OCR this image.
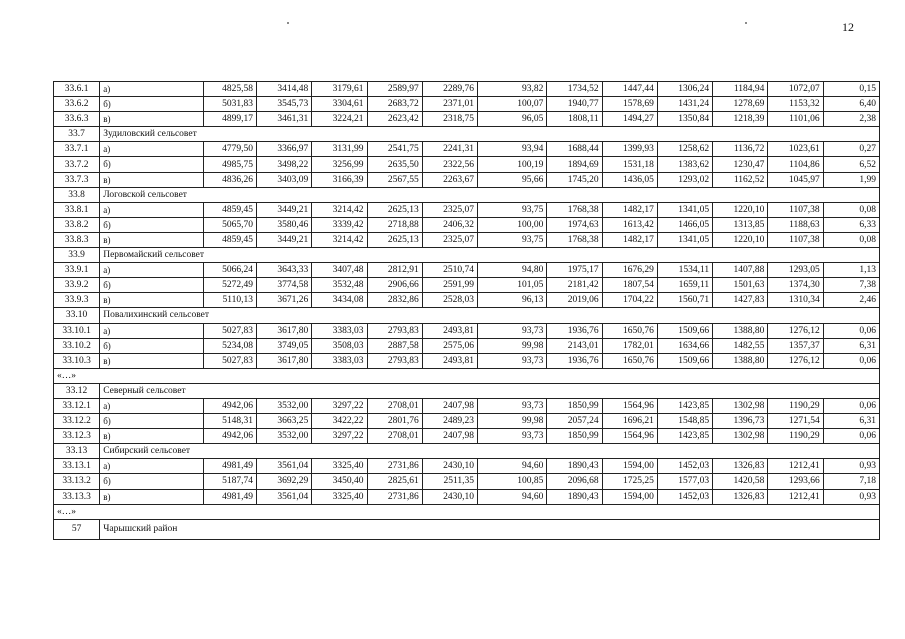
12
33.6.1	а)	4825,58	3414,48	3179,61	2589,97	2289,76	93,82	1734,52	1447,44	1306,24	1184,94	1072,07	0,15
33.6.2	б)	5031,83	3545,73	3304,61	2683,72	2371,01	100,07	1940,77	1578,69	1431,24	1278,69	1153,32	6,40
33.6.3	в)	4899,17	3461,31	3224,21	2623,42	2318,75	96,05	1808,11	1494,27	1350,84	1218,39	1101,06	2,38
33.7	Зудиловский сельсовет												
33.7.1	а)	4779,50	3366,97	3131,99	2541,75	2241,31	93,94	1688,44	1399,93	1258,62	1136,72	1023,61	0,27
33.7.2	б)	4985,75	3498,22	3256,99	2635,50	2322,56	100,19	1894,69	1531,18	1383,62	1230,47	1104,86	6,52
33.7.3	в)	4836,26	3403,09	3166,39	2567,55	2263,67	95,66	1745,20	1436,05	1293,02	1162,52	1045,97	1,99
33.8	Логовской сельсовет												
33.8.1	а)	4859,45	3449,21	3214,42	2625,13	2325,07	93,75	1768,38	1482,17	1341,05	1220,10	1107,38	0,08
33.8.2	б)	5065,70	3580,46	3339,42	2718,88	2406,32	100,00	1974,63	1613,42	1466,05	1313,85	1188,63	6,33
33.8.3	в)	4859,45	3449,21	3214,42	2625,13	2325,07	93,75	1768,38	1482,17	1341,05	1220,10	1107,38	0,08
33.9	Первомайский сельсовет												
33.9.1	а)	5066,24	3643,33	3407,48	2812,91	2510,74	94,80	1975,17	1676,29	1534,11	1407,88	1293,05	1,13
33.9.2	б)	5272,49	3774,58	3532,48	2906,66	2591,99	101,05	2181,42	1807,54	1659,11	1501,63	1374,30	7,38
33.9.3	в)	5110,13	3671,26	3434,08	2832,86	2528,03	96,13	2019,06	1704,22	1560,71	1427,83	1310,34	2,46
33.10	Повалихинский сельсовет												
33.10.1	а)	5027,83	3617,80	3383,03	2793,83	2493,81	93,73	1936,76	1650,76	1509,66	1388,80	1276,12	0,06
33.10.2	б)	5234,08	3749,05	3508,03	2887,58	2575,06	99,98	2143,01	1782,01	1634,66	1482,55	1357,37	6,31
33.10.3	в)	5027,83	3617,80	3383,03	2793,83	2493,81	93,73	1936,76	1650,76	1509,66	1388,80	1276,12	0,06
«…»													
33.12	Северный сельсовет												
33.12.1	а)	4942,06	3532,00	3297,22	2708,01	2407,98	93,73	1850,99	1564,96	1423,85	1302,98	1190,29	0,06
33.12.2	б)	5148,31	3663,25	3422,22	2801,76	2489,23	99,98	2057,24	1696,21	1548,85	1396,73	1271,54	6,31
33.12.3	в)	4942,06	3532,00	3297,22	2708,01	2407,98	93,73	1850,99	1564,96	1423,85	1302,98	1190,29	0,06
33.13	Сибирский сельсовет												
33.13.1	а)	4981,49	3561,04	3325,40	2731,86	2430,10	94,60	1890,43	1594,00	1452,03	1326,83	1212,41	0,93
33.13.2	б)	5187,74	3692,29	3450,40	2825,61	2511,35	100,85	2096,68	1725,25	1577,03	1420,58	1293,66	7,18
33.13.3	в)	4981,49	3561,04	3325,40	2731,86	2430,10	94,60	1890,43	1594,00	1452,03	1326,83	1212,41	0,93
«…»													
57	Чарышский район												
